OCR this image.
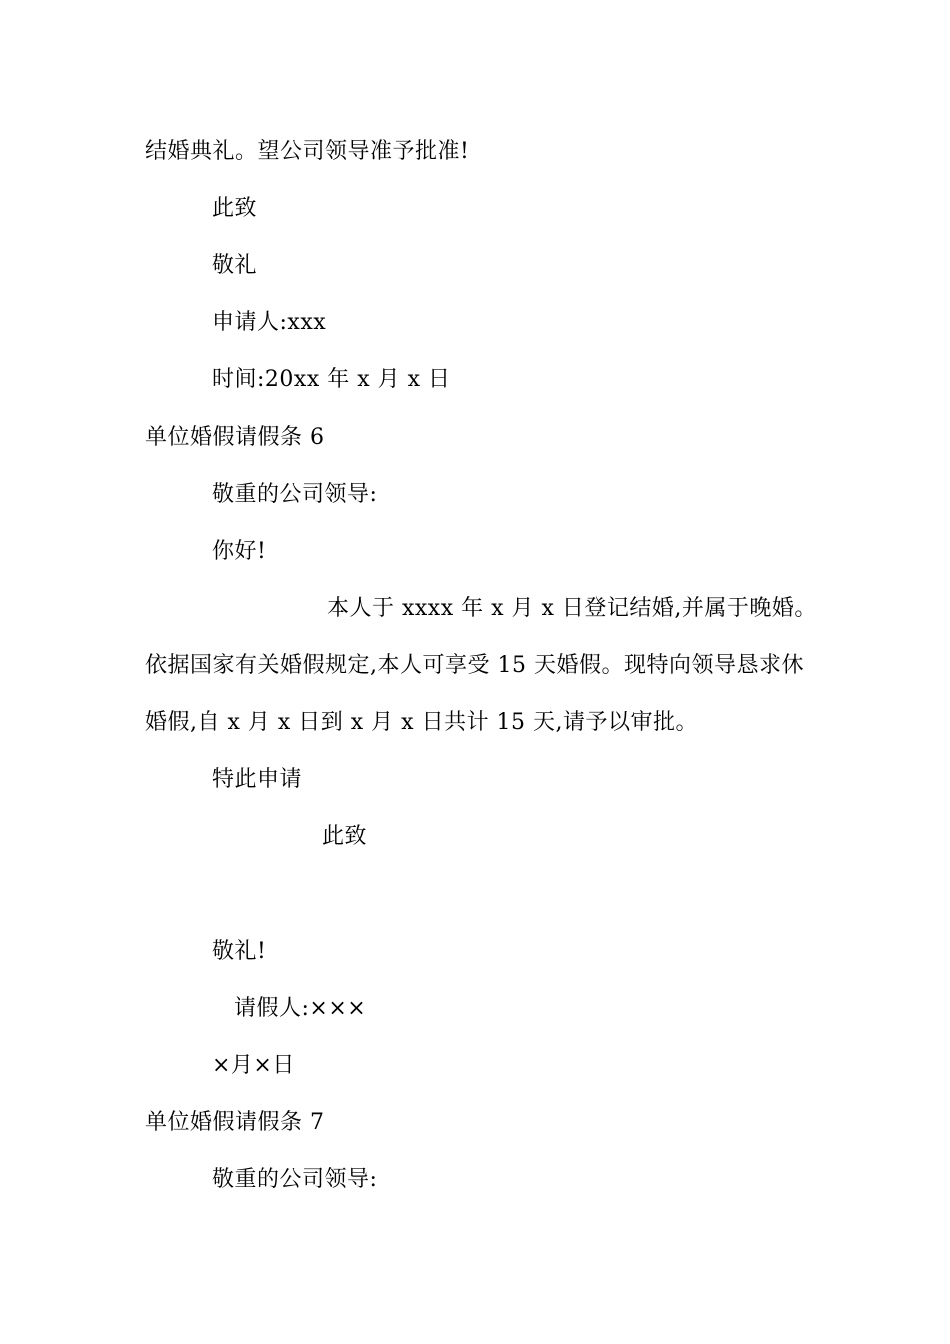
结婚典礼。望公司领导准予批准!
此致
敬礼
申请人:xxx
时间:20xx 年 x 月 x 日
单位婚假请假条 6
敬重的公司领导:
你好!
本人于 xxxx 年 x 月 x 日登记结婚,并属于晚婚。
依据国家有关婚假规定,本人可享受 15 天婚假。现特向领导恳求休
婚假,自 x 月 x 日到 x 月 x 日共计 15 天,请予以审批。
特此申请
此致
敬礼!
请假人:×××
×月×日
单位婚假请假条 7
敬重的公司领导:
